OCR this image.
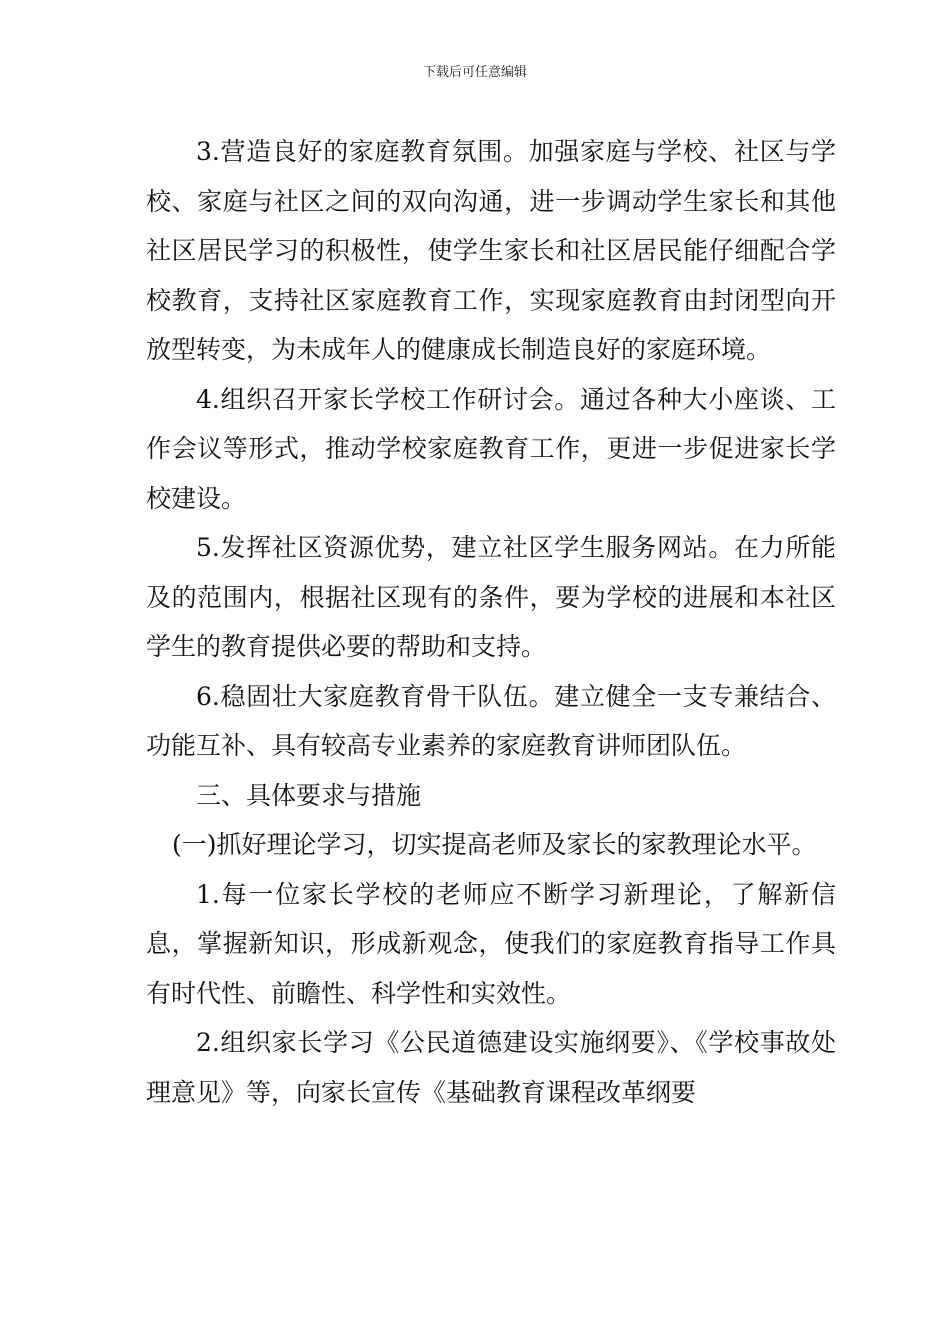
下载后可任意编辑

3.营造良好的家庭教育氛围。加强家庭与学校、社区与学校、家庭与社区之间的双向沟通，进一步调动学生家长和其他社区居民学习的积极性，使学生家长和社区居民能仔细配合学校教育，支持社区家庭教育工作，实现家庭教育由封闭型向开放型转变，为未成年人的健康成长制造良好的家庭环境。

4.组织召开家长学校工作研讨会。通过各种大小座谈、工作会议等形式，推动学校家庭教育工作，更进一步促进家长学校建设。

5.发挥社区资源优势，建立社区学生服务网站。在力所能及的范围内，根据社区现有的条件，要为学校的进展和本社区学生的教育提供必要的帮助和支持。

6.稳固壮大家庭教育骨干队伍。建立健全一支专兼结合、功能互补、具有较高专业素养的家庭教育讲师团队伍。

三、具体要求与措施

(一)抓好理论学习，切实提高老师及家长的家教理论水平。

1.每一位家长学校的老师应不断学习新理论，了解新信息，掌握新知识，形成新观念，使我们的家庭教育指导工作具有时代性、前瞻性、科学性和实效性。

2.组织家长学习《公民道德建设实施纲要》、《学校事故处理意见》等，向家长宣传《基础教育课程改革纲要
